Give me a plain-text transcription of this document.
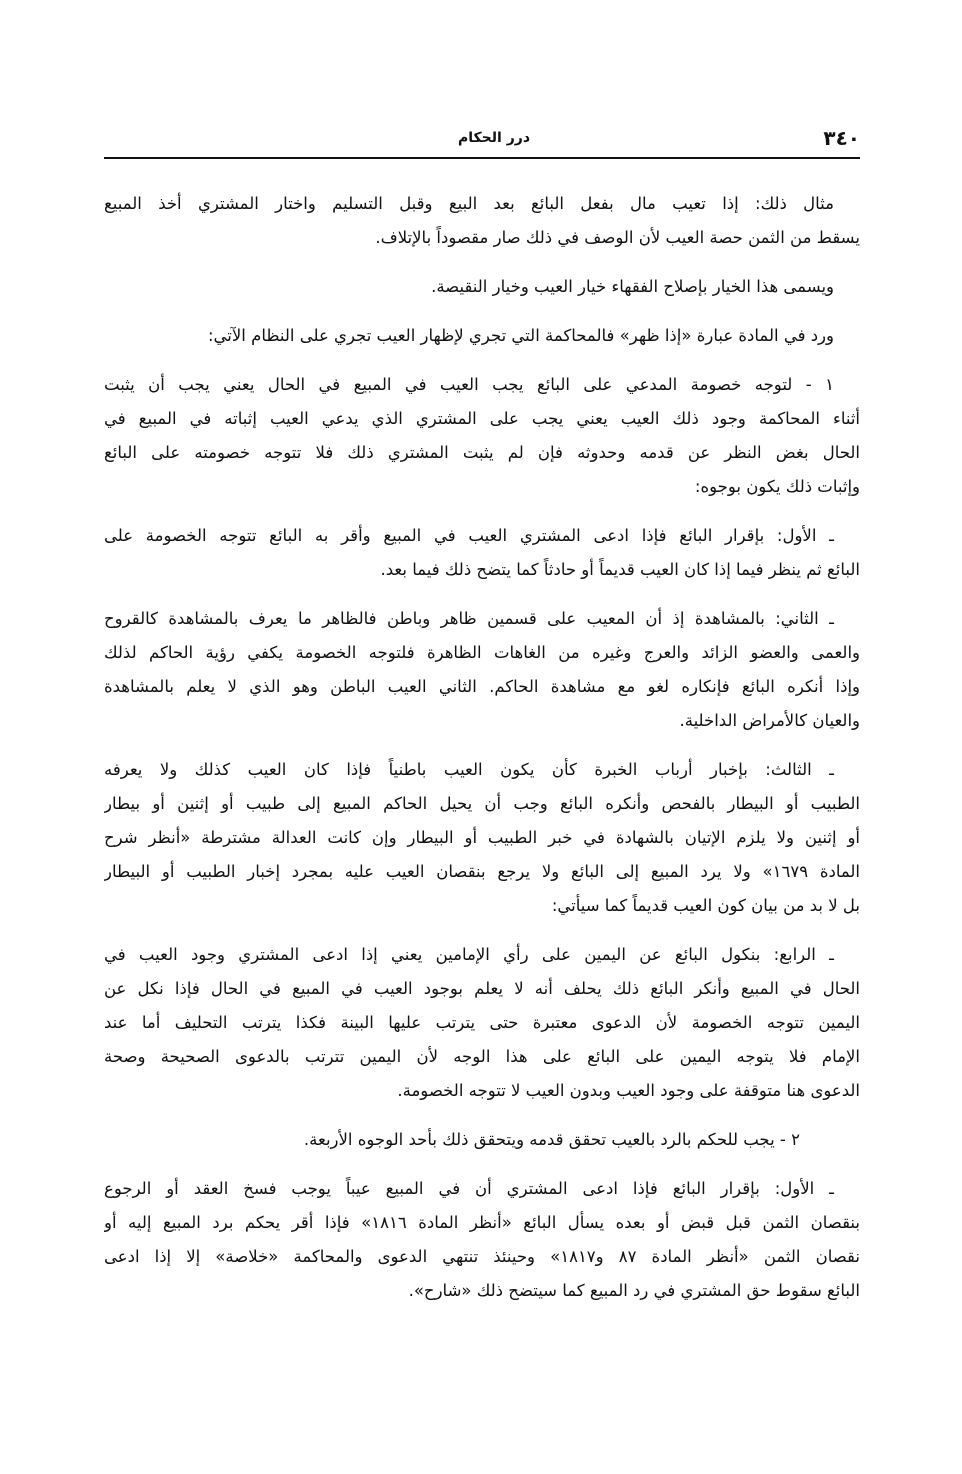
٣٤٠
درر الحكام
مثال ذلك: إذا تعيب مال بفعل البائع بعد البيع وقبل التسليم واختار المشتري أخذ المبيع
يسقط من الثمن حصة العيب لأن الوصف في ذلك صار مقصوداً بالإتلاف.
ويسمى هذا الخيار بإصلاح الفقهاء خيار العيب وخيار النقيصة.
ورد في المادة عبارة «إذا ظهر» فالمحاكمة التي تجري لإظهار العيب تجري على النظام الآتي:
١ - لتوجه خصومة المدعي على البائع يجب العيب في المبيع في الحال يعني يجب أن يثبت
أثناء المحاكمة وجود ذلك العيب يعني يجب على المشتري الذي يدعي العيب إثباته في المبيع في
الحال بغض النظر عن قدمه وحدوثه فإن لم يثبت المشتري ذلك فلا تتوجه خصومته على البائع
وإثبات ذلك يكون بوجوه:
ـ الأول: بإقرار البائع فإذا ادعى المشتري العيب في المبيع وأقر به البائع تتوجه الخصومة على
البائع ثم ينظر فيما إذا كان العيب قديماً أو حادثاً كما يتضح ذلك فيما بعد.
ـ الثاني: بالمشاهدة إذ أن المعيب على قسمين ظاهر وباطن فالظاهر ما يعرف بالمشاهدة كالقروح
والعمى والعضو الزائد والعرج وغيره من الغاهات الظاهرة فلتوجه الخصومة يكفي رؤية الحاكم لذلك
وإذا أنكره البائع فإنكاره لغو مع مشاهدة الحاكم. الثاني العيب الباطن وهو الذي لا يعلم بالمشاهدة
والعيان كالأمراض الداخلية.
ـ الثالث: بإخبار أرباب الخبرة كأن يكون العيب باطنياً فإذا كان العيب كذلك ولا يعرفه
الطبيب أو البيطار بالفحص وأنكره البائع وجب أن يحيل الحاكم المبيع إلى طبيب أو إثنين أو بيطار
أو إثنين ولا يلزم الإتيان بالشهادة في خبر الطبيب أو البيطار وإن كانت العدالة مشترطة «أنظر شرح
المادة ١٦٧٩» ولا يرد المبيع إلى البائع ولا يرجع بنقصان العيب عليه بمجرد إخبار الطبيب أو البيطار
بل لا بد من بيان كون العيب قديماً كما سيأتي:
ـ الرابع: بنكول البائع عن اليمين على رأي الإمامين يعني إذا ادعى المشتري وجود العيب في
الحال في المبيع وأنكر البائع ذلك يحلف أنه لا يعلم بوجود العيب في المبيع في الحال فإذا نكل عن
اليمين تتوجه الخصومة لأن الدعوى معتبرة حتى يترتب عليها البينة فكذا يترتب التحليف أما عند
الإمام فلا يتوجه اليمين على البائع على هذا الوجه لأن اليمين تترتب بالدعوى الصحيحة وصحة
الدعوى هنا متوقفة على وجود العيب وبدون العيب لا تتوجه الخصومة.
٢ - يجب للحكم بالرد بالعيب تحقق قدمه ويتحقق ذلك بأحد الوجوه الأربعة.
ـ الأول: بإقرار البائع فإذا ادعى المشتري أن في المبيع عيباً يوجب فسخ العقد أو الرجوع
بنقصان الثمن قبل قبض أو بعده يسأل البائع «أنظر المادة ١٨١٦» فإذا أقر يحكم برد المبيع إليه أو
نقصان الثمن «أنظر المادة ٨٧ و١٨١٧» وحينئذ تنتهي الدعوى والمحاكمة «خلاصة» إلا إذا ادعى
البائع سقوط حق المشتري في رد المبيع كما سيتضح ذلك «شارح».
